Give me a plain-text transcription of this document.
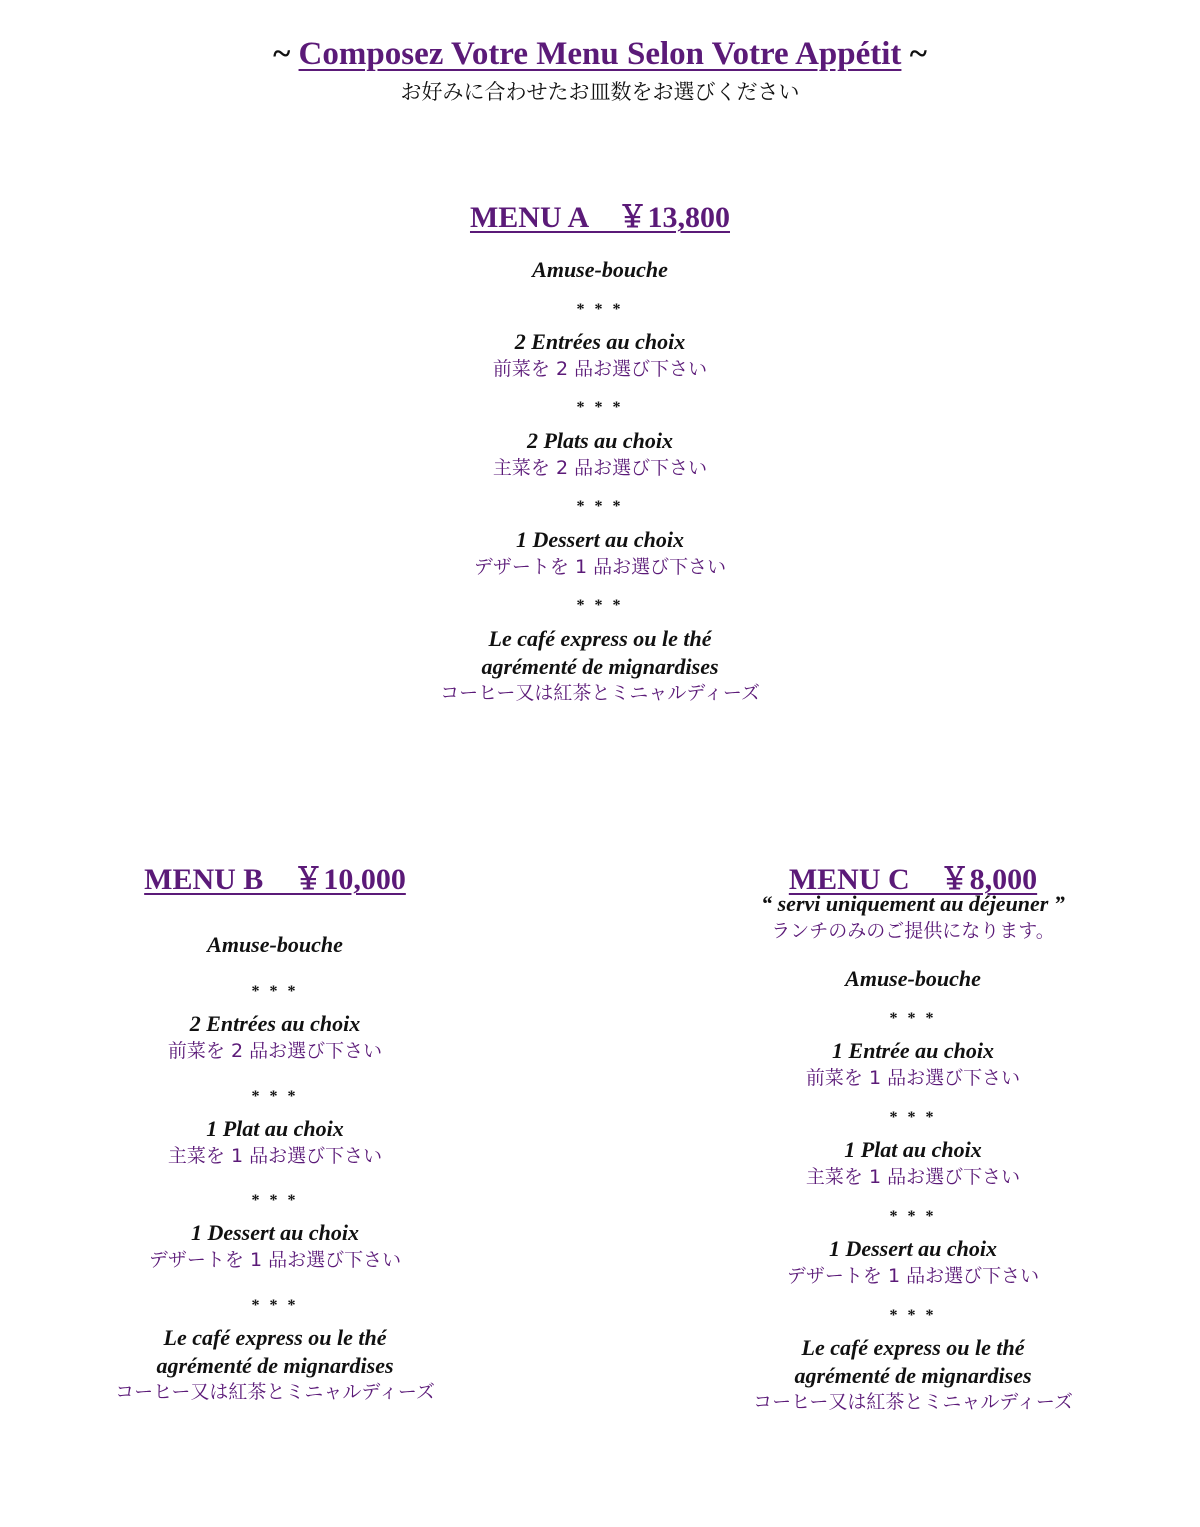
~ Composez Votre Menu Selon Votre Appétit ~
お好みに合わせたお皿数をお選びください
MENU A　￥13,800
Amuse-bouche
* * *
2 Entrées au choix
前菜を 2 品お選び下さい
* * *
2 Plats au choix
主菜を 2 品お選び下さい
* * *
1 Dessert au choix
デザートを 1 品お選び下さい
* * *
Le café express ou le thé
agrémenté de mignardises
コーヒー又は紅茶とミニャルディーズ
MENU B　￥10,000
Amuse-bouche
* * *
2 Entrées au choix
前菜を 2 品お選び下さい
* * *
1 Plat au choix
主菜を 1 品お選び下さい
* * *
1 Dessert au choix
デザートを 1 品お選び下さい
* * *
Le café express ou le thé
agrémenté de mignardises
コーヒー又は紅茶とミニャルディーズ
MENU C　￥8,000
“ servi uniquement au déjeuner ”
ランチのみのご提供になります。
Amuse-bouche
* * *
1 Entrée au choix
前菜を 1 品お選び下さい
* * *
1 Plat au choix
主菜を 1 品お選び下さい
* * *
1 Dessert au choix
デザートを 1 品お選び下さい
* * *
Le café express ou le thé
agrémenté de mignardises
コーヒー又は紅茶とミニャルディーズ
